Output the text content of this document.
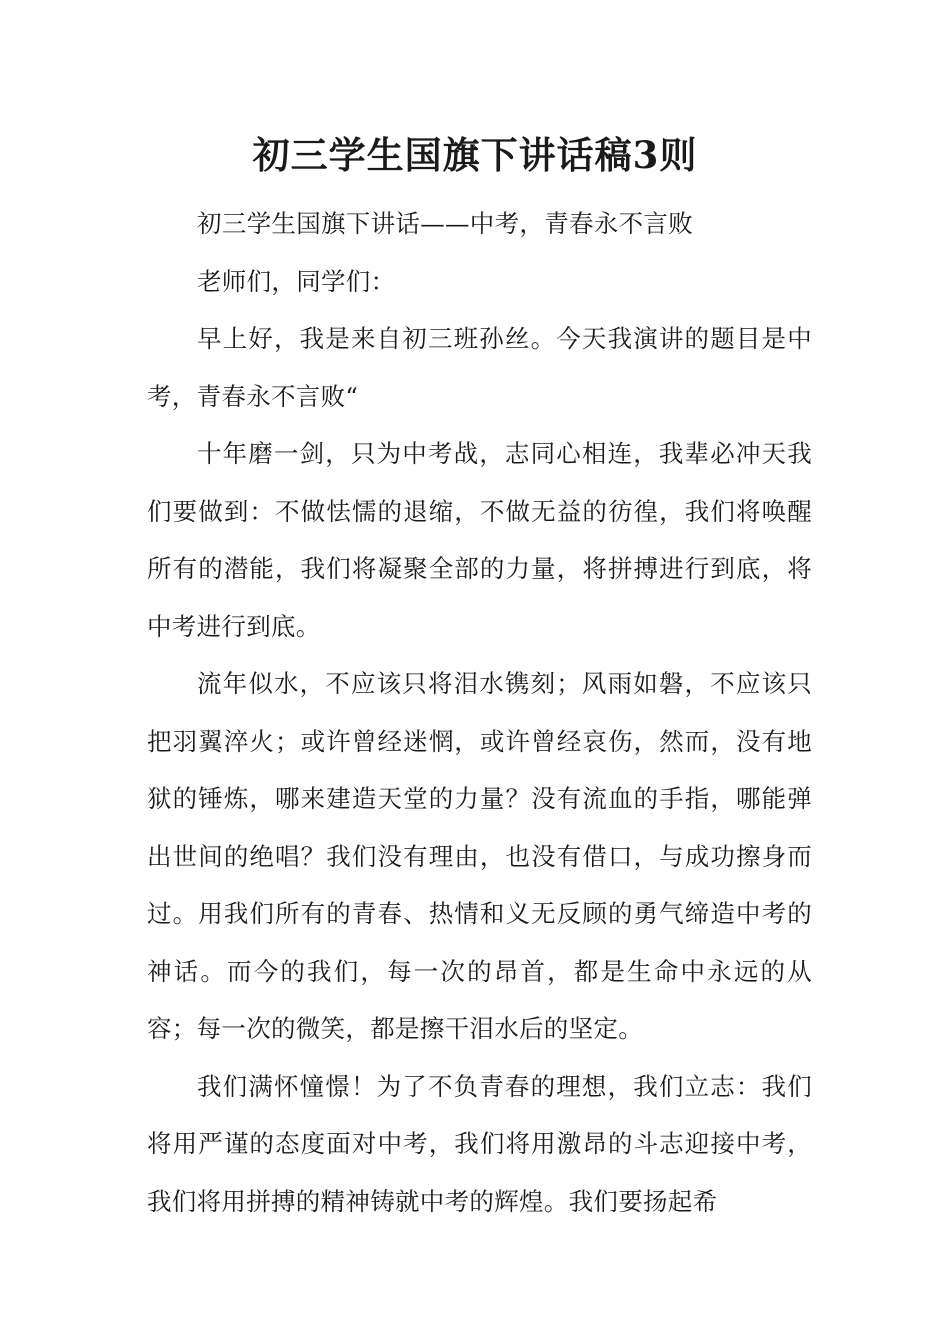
初三学生国旗下讲话稿3则

初三学生国旗下讲话——中考，青春永不言败

老师们，同学们：

早上好，我是来自初三班孙丝。今天我演讲的题目是中考，青春永不言败“

十年磨一剑，只为中考战，志同心相连，我辈必冲天我们要做到：不做怯懦的退缩，不做无益的彷徨，我们将唤醒所有的潜能，我们将凝聚全部的力量，将拼搏进行到底，将中考进行到底。

流年似水，不应该只将泪水镌刻；风雨如磐，不应该只把羽翼淬火；或许曾经迷惘，或许曾经哀伤，然而，没有地狱的锤炼，哪来建造天堂的力量？没有流血的手指，哪能弹出世间的绝唱？我们没有理由，也没有借口，与成功擦身而过。用我们所有的青春、热情和义无反顾的勇气缔造中考的神话。而今的我们，每一次的昂首，都是生命中永远的从容；每一次的微笑，都是擦干泪水后的坚定。

我们满怀憧憬！为了不负青春的理想，我们立志：我们将用严谨的态度面对中考，我们将用激昂的斗志迎接中考，我们将用拼搏的精神铸就中考的辉煌。我们要扬起希
